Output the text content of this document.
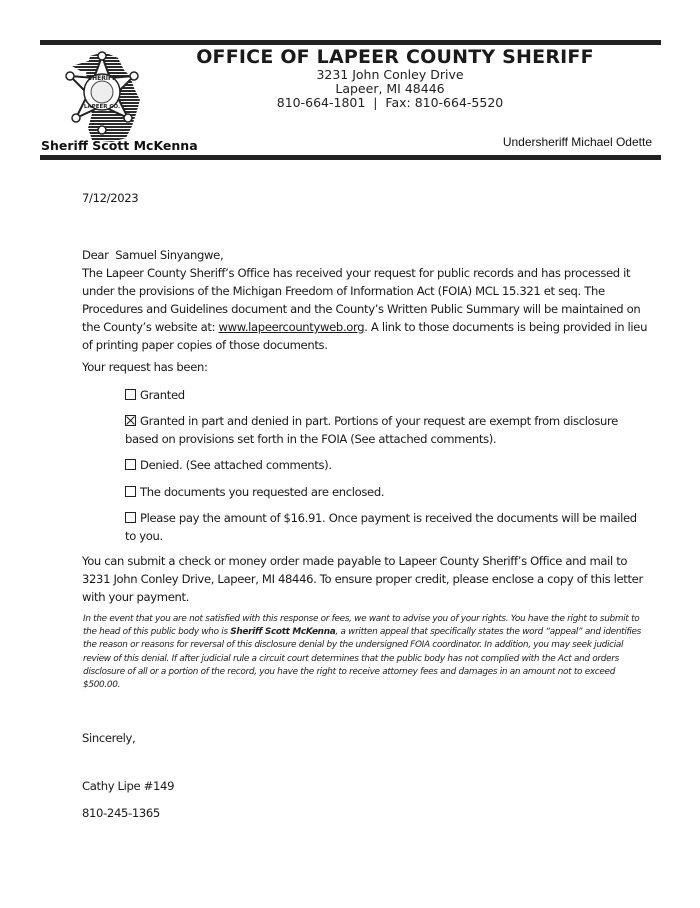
SHERIFF
LAPEER CO.
OFFICE OF LAPEER COUNTY SHERIFF
3231 John Conley Drive
Lapeer, MI 48446
810-664-1801  |  Fax: 810-664-5520
Sheriff Scott McKenna	Undersheriff Michael Odette
7/12/2023
Dear  Samuel Sinyangwe,
The Lapeer County Sheriff’s Office has received your request for public records and has processed it under the provisions of the Michigan Freedom of Information Act (FOIA) MCL 15.321 et seq. The Procedures and Guidelines document and the County’s Written Public Summary will be maintained on the County’s website at: www.lapeercountyweb.org. A link to those documents is being provided in lieu of printing paper copies of those documents.
Your request has been:
Granted
Granted in part and denied in part. Portions of your request are exempt from disclosure based on provisions set forth in the FOIA (See attached comments).
Denied. (See attached comments).
The documents you requested are enclosed.
Please pay the amount of $16.91. Once payment is received the documents will be mailed to you.
You can submit a check or money order made payable to Lapeer County Sheriff’s Office and mail to 3231 John Conley Drive, Lapeer, MI 48446. To ensure proper credit, please enclose a copy of this letter with your payment.
In the event that you are not satisfied with this response or fees, we want to advise you of your rights. You have the right to submit to the head of this public body who is Sheriff Scott McKenna, a written appeal that specifically states the word “appeal” and identifies the reason or reasons for reversal of this disclosure denial by the undersigned FOIA coordinator. In addition, you may seek judicial review of this denial. If after judicial rule a circuit court determines that the public body has not complied with the Act and orders disclosure of all or a portion of the record, you have the right to receive attorney fees and damages in an amount not to exceed $500.00.
Sincerely,
Cathy Lipe #149
810-245-1365
